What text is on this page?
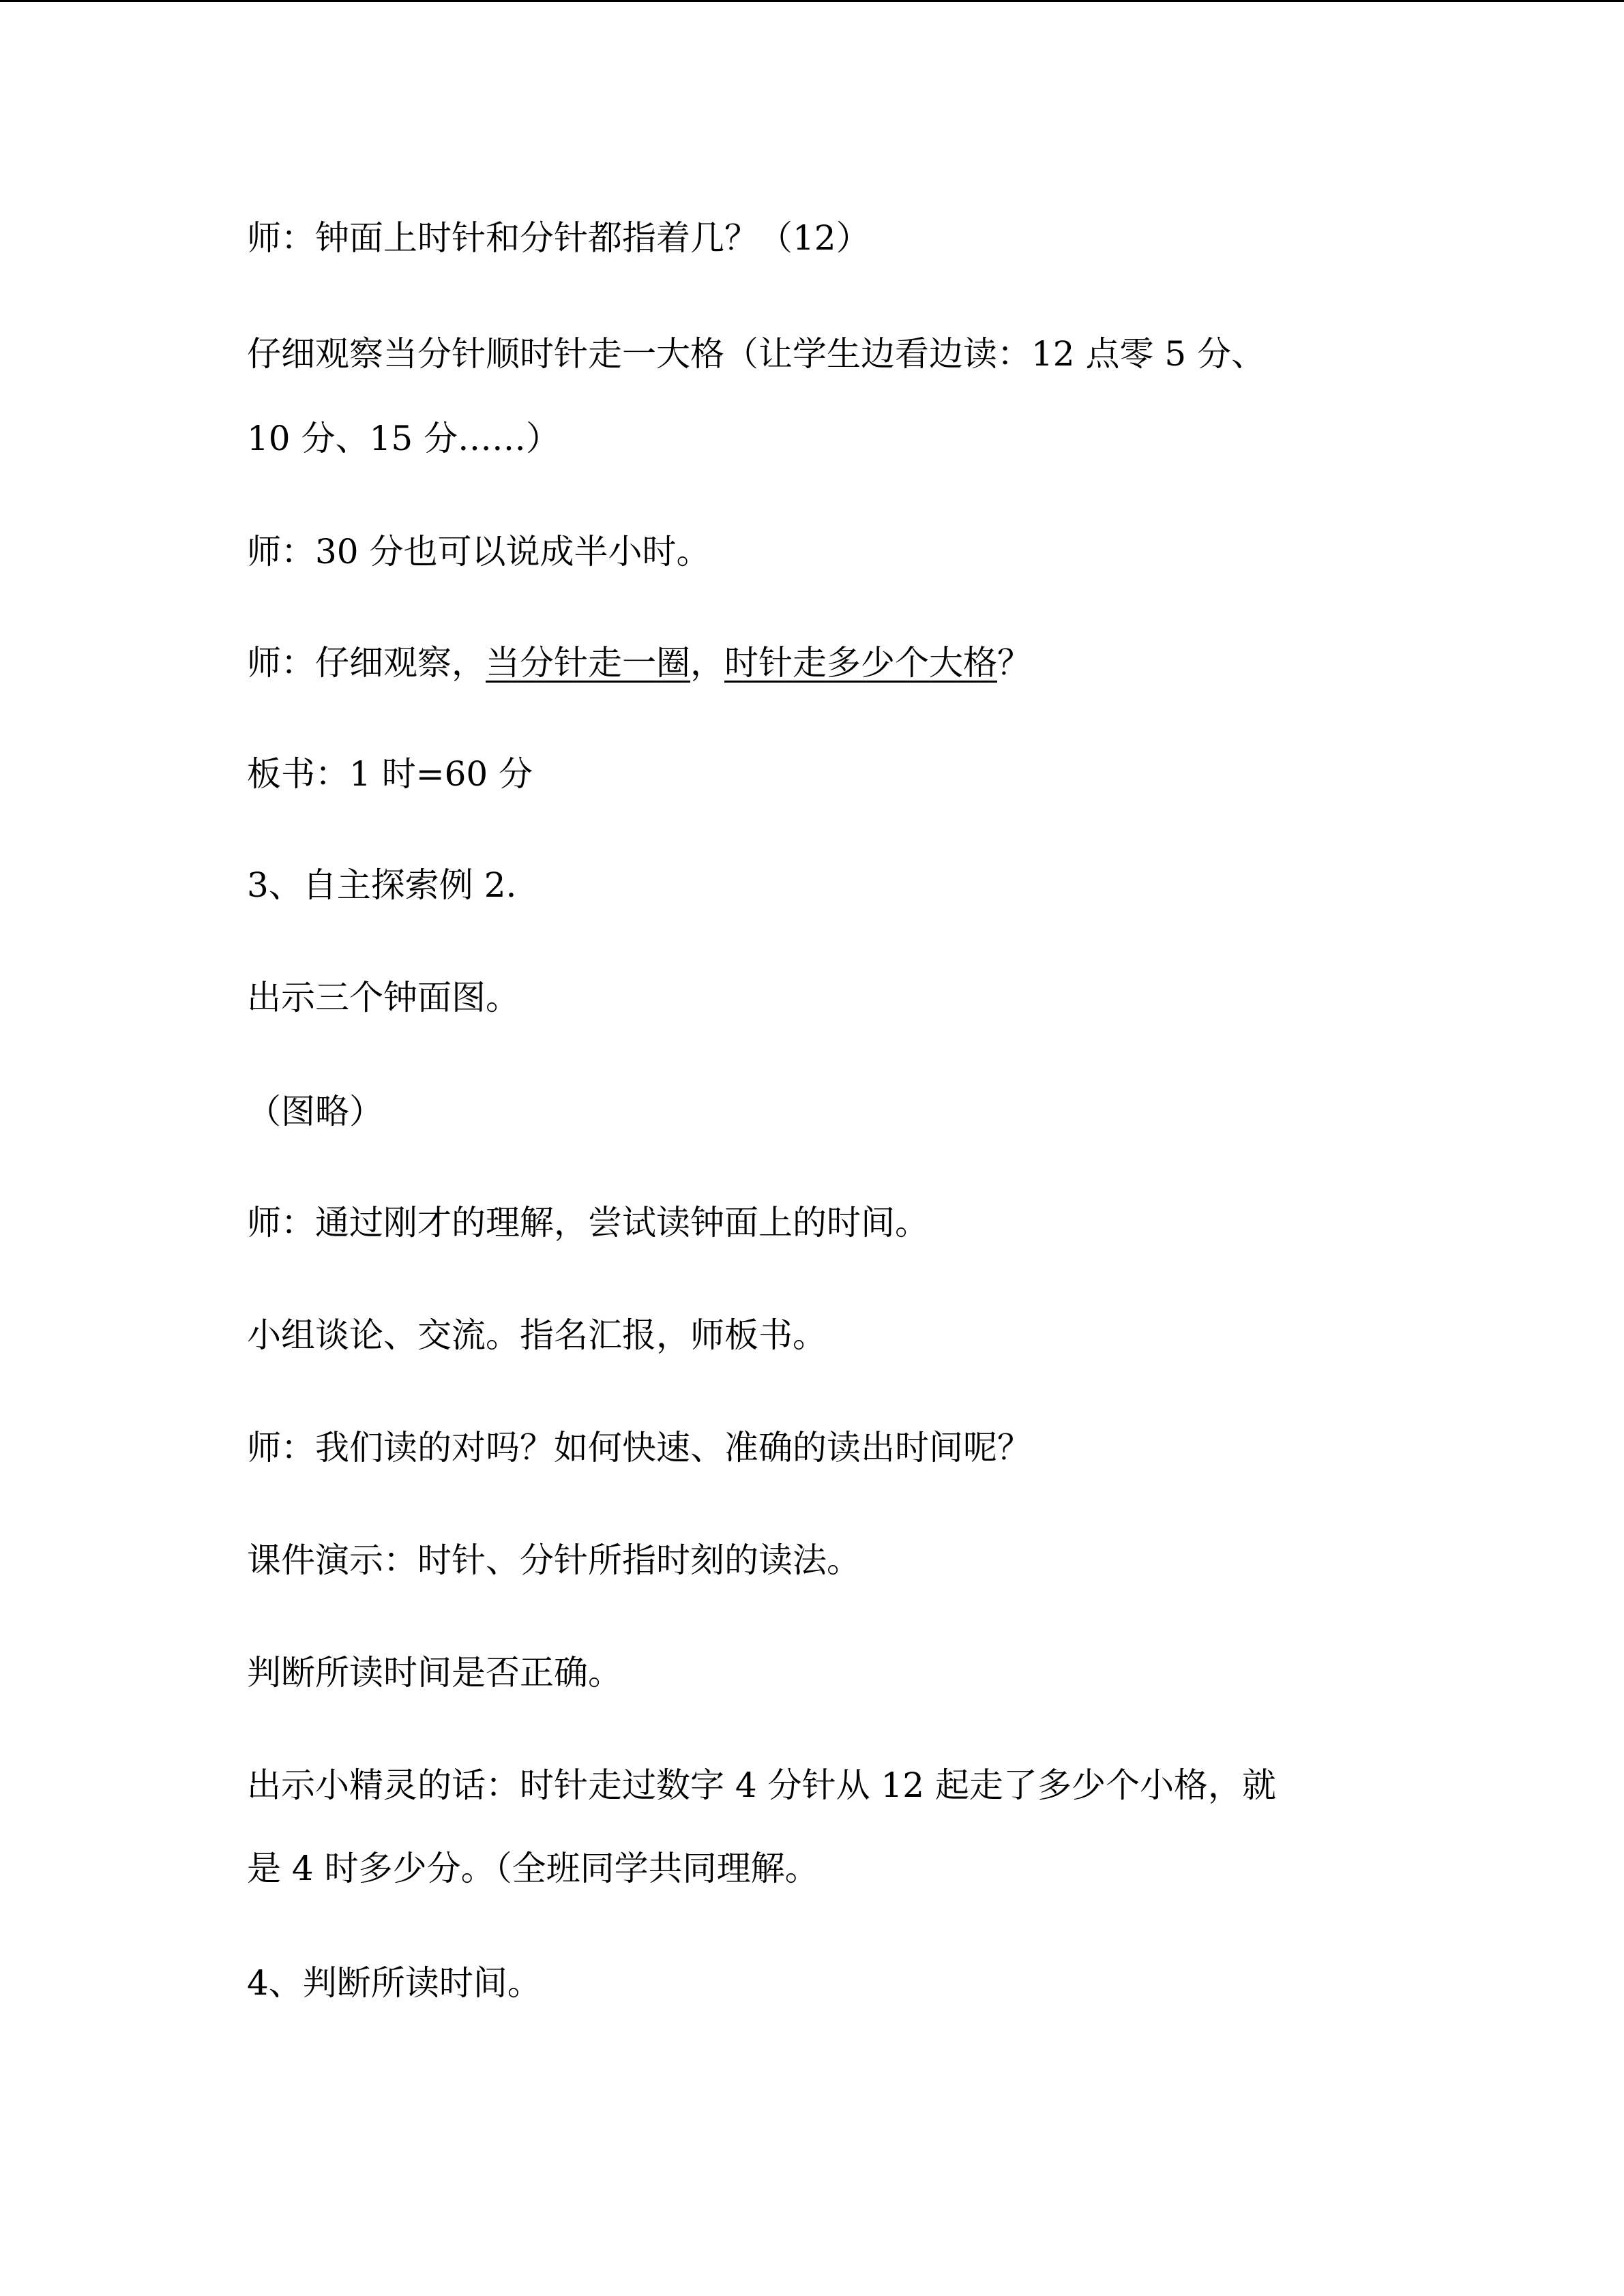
师：钟面上时针和分针都指着几？（12）

仔细观察当分针顺时针走一大格（让学生边看边读：12 点零 5 分、

10 分、15 分……）

师：30 分也可以说成半小时。

师：仔细观察，当分针走一圈，时针走多少个大格？

板书：1 时=60 分

3、自主探索例 2.

出示三个钟面图。

（图略）

师：通过刚才的理解，尝试读钟面上的时间。

小组谈论、交流。指名汇报，师板书。

师：我们读的对吗？如何快速、准确的读出时间呢？

课件演示：时针、分针所指时刻的读法。

判断所读时间是否正确。

出示小精灵的话：时针走过数字 4 分针从 12 起走了多少个小格，就

是 4 时多少分。（全班同学共同理解。

4、判断所读时间。
